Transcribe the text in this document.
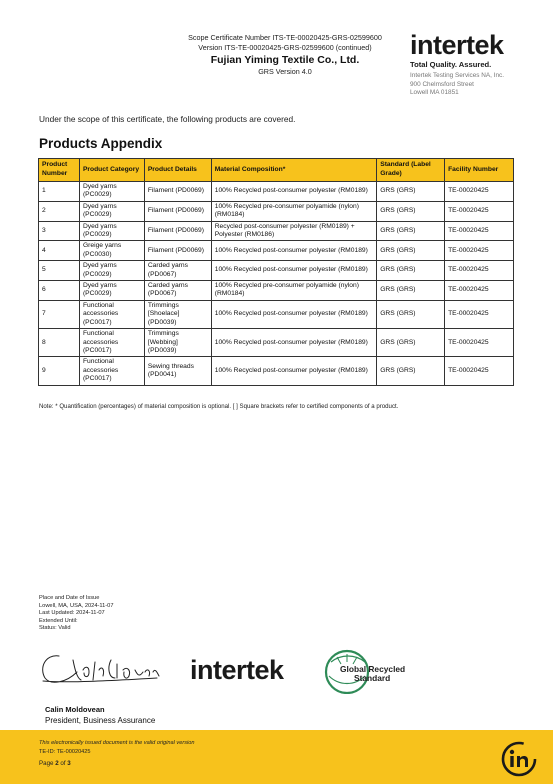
Scope Certificate Number ITS-TE-00020425-GRS-02599600
Version ITS-TE-00020425-GRS-02599600 (continued)
Fujian Yiming Textile Co., Ltd.
GRS Version 4.0
intertek
Total Quality. Assured.
Intertek Testing Services NA, Inc.
900 Chelmsford Street
Lowell MA 01851
Under the scope of this certificate, the following products are covered.
Products Appendix
Product Number	Product Category	Product Details	Material Composition*	Standard (Label Grade)	Facility Number
1	Dyed yarns (PC0029)	Filament (PD0069)	100% Recycled post-consumer polyester (RM0189)	GRS (GRS)	TE-00020425
2	Dyed yarns (PC0029)	Filament (PD0069)	100% Recycled pre-consumer polyamide (nylon) (RM0184)	GRS (GRS)	TE-00020425
3	Dyed yarns (PC0029)	Filament (PD0069)	Recycled post-consumer polyester (RM0189) + Polyester (RM0186)	GRS (GRS)	TE-00020425
4	Greige yarns (PC0030)	Filament (PD0069)	100% Recycled post-consumer polyester (RM0189)	GRS (GRS)	TE-00020425
5	Dyed yarns (PC0029)	Carded yarns (PD0067)	100% Recycled post-consumer polyester (RM0189)	GRS (GRS)	TE-00020425
6	Dyed yarns (PC0029)	Carded yarns (PD0067)	100% Recycled pre-consumer polyamide (nylon) (RM0184)	GRS (GRS)	TE-00020425
7	Functional accessories (PC0017)	Trimmings [Shoelace] (PD0039)	100% Recycled post-consumer polyester (RM0189)	GRS (GRS)	TE-00020425
8	Functional accessories (PC0017)	Trimmings [Webbing] (PD0039)	100% Recycled post-consumer polyester (RM0189)	GRS (GRS)	TE-00020425
9	Functional accessories (PC0017)	Sewing threads (PD0041)	100% Recycled post-consumer polyester (RM0189)	GRS (GRS)	TE-00020425
Note: * Quantification (percentages) of material composition is optional. [ ] Square brackets refer to certified components of a product.
Place and Date of Issue
Lowell, MA, USA, 2024-11-07
Last Updated: 2024-11-07
Extended Until:
Status: Valid
intertek	Global Recycled
Standard
Calin Moldovean
President, Business Assurance
This electronically issued document is the valid original version
TE-ID: TE-00020425
Page 2 of 3
